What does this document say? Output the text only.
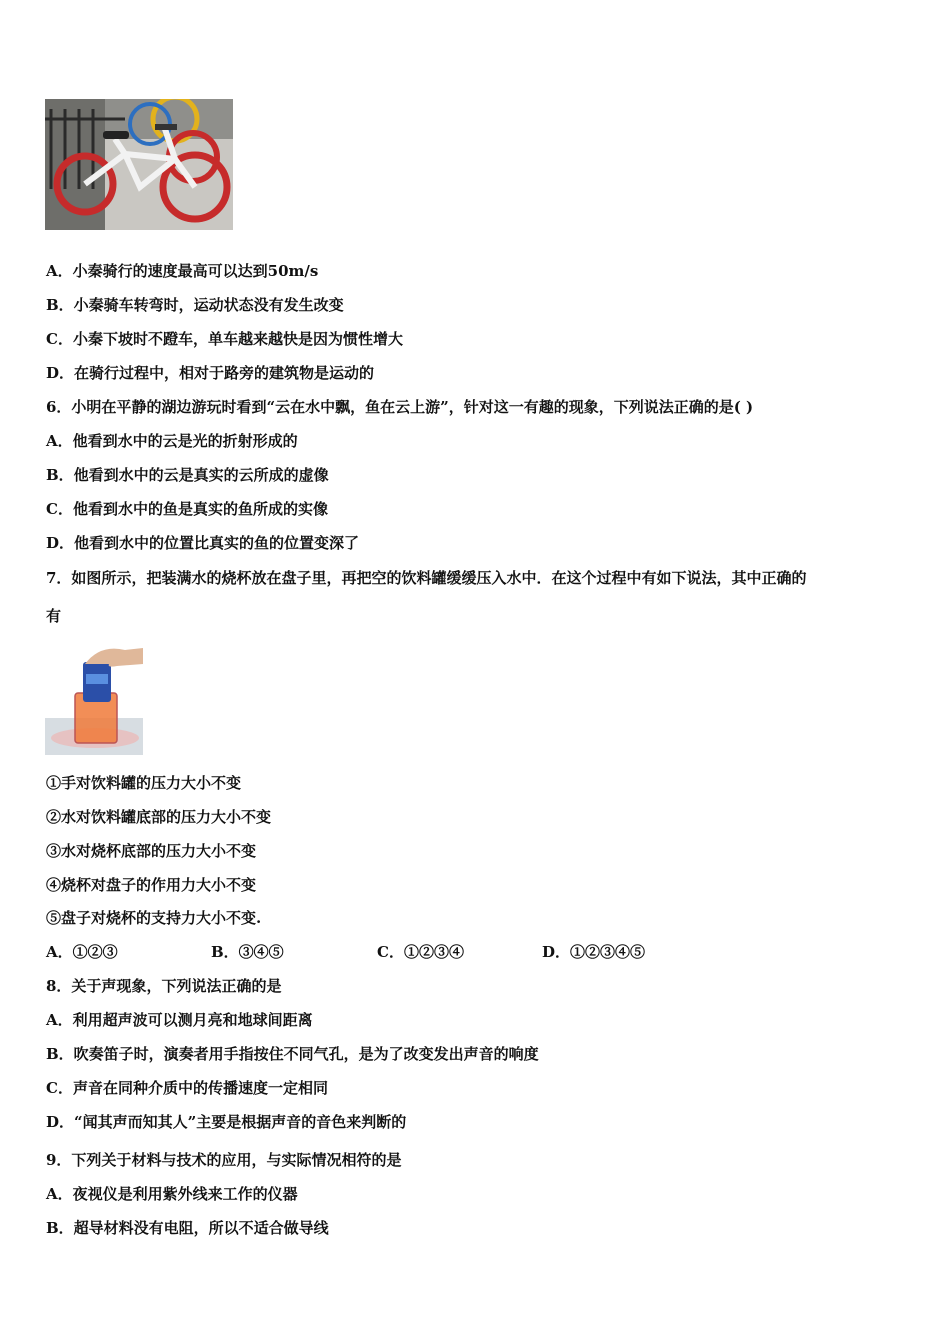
A．小秦骑行的速度最高可以达到50m/s
B．小秦骑车转弯时，运动状态没有发生改变
C．小秦下坡时不蹬车，单车越来越快是因为惯性增大
D．在骑行过程中，相对于路旁的建筑物是运动的
6．小明在平静的湖边游玩时看到“云在水中飘，鱼在云上游”，针对这一有趣的现象，下列说法正确的是( )
A．他看到水中的云是光的折射形成的
B．他看到水中的云是真实的云所成的虚像
C．他看到水中的鱼是真实的鱼所成的实像
D．他看到水中的位置比真实的鱼的位置变深了
7．如图所示，把装满水的烧杯放在盘子里，再把空的饮料罐缓缓压入水中．在这个过程中有如下说法，其中正确的
有
①手对饮料罐的压力大小不变
②水对饮料罐底部的压力大小不变
③水对烧杯底部的压力大小不变
④烧杯对盘子的作用力大小不变
⑤盘子对烧杯的支持力大小不变.
A．①②③	B．③④⑤	C．①②③④	D．①②③④⑤
8．关于声现象，下列说法正确的是
A．利用超声波可以测月亮和地球间距离
B．吹奏笛子时，演奏者用手指按住不同气孔，是为了改变发出声音的响度
C．声音在同种介质中的传播速度一定相同
D．“闻其声而知其人”主要是根据声音的音色来判断的
9．下列关于材料与技术的应用，与实际情况相符的是
A．夜视仪是利用紫外线来工作的仪器
B．超导材料没有电阻，所以不适合做导线
